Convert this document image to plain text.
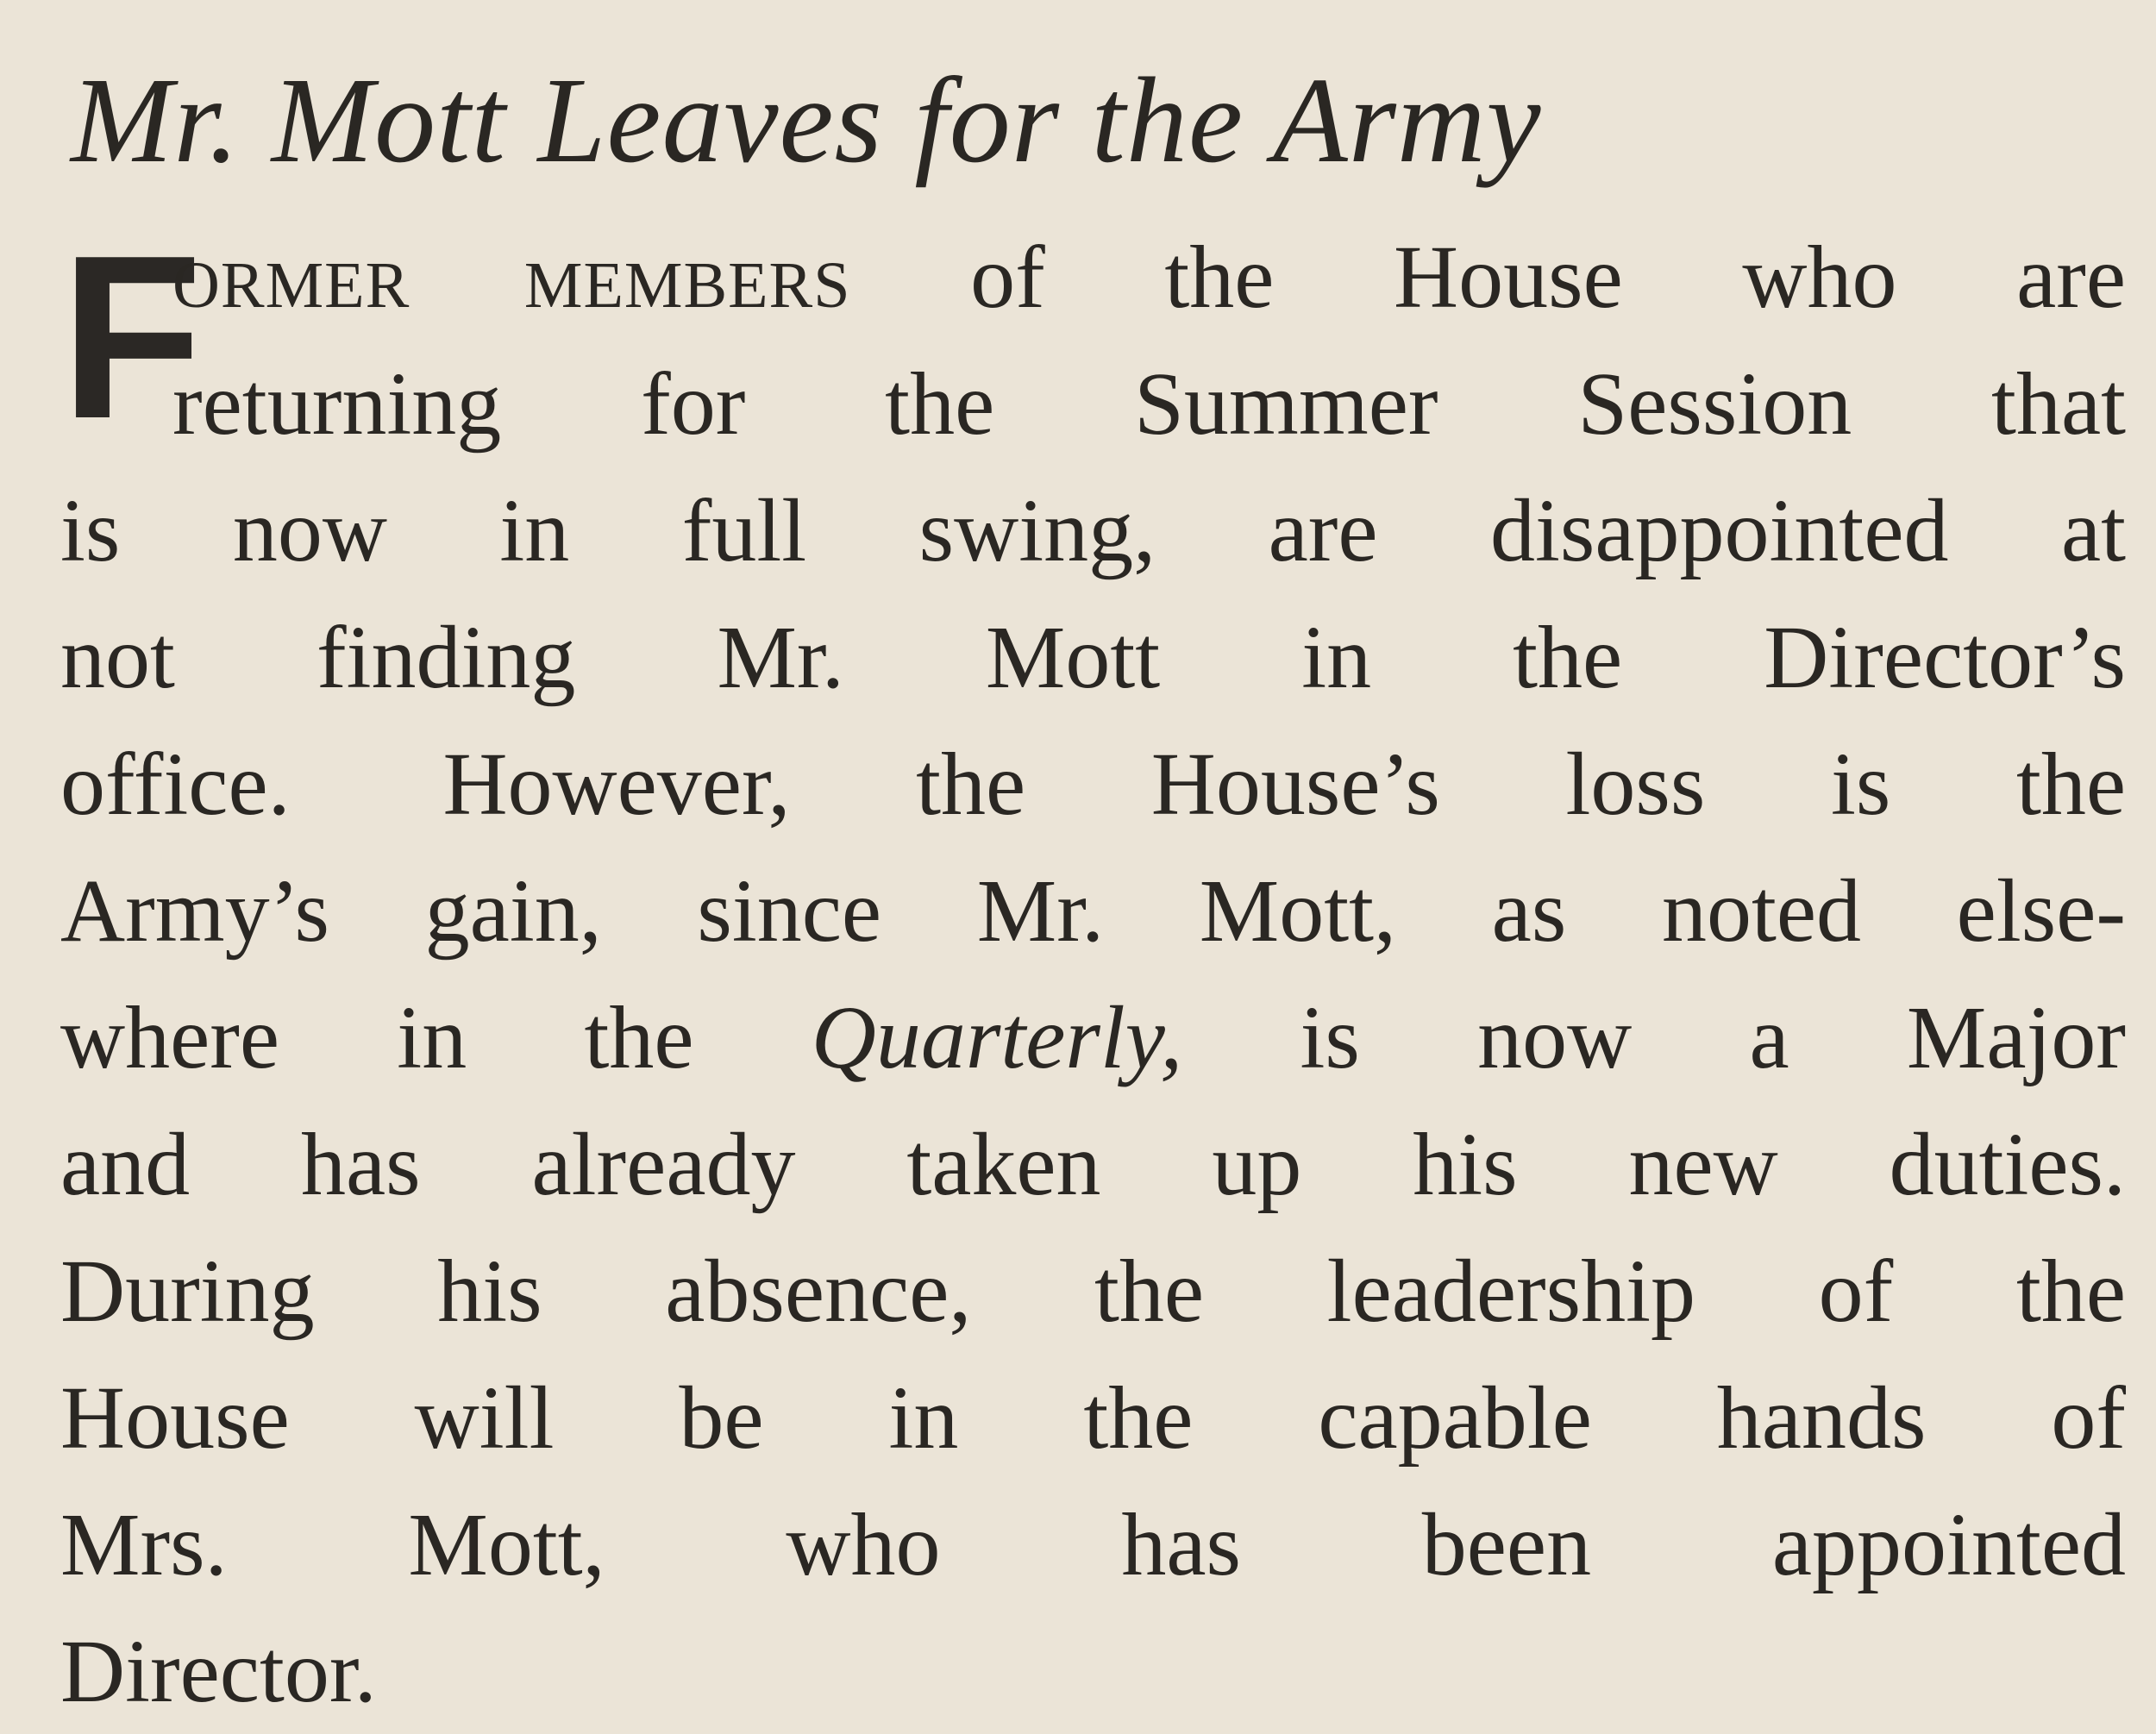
Mr. Mott Leaves for the Army
F
ORMER MEMBERS of the House who are
returning for the Summer Session that
is now in full swing, are disappointed at
not finding Mr. Mott in the Director’s
office. However, the House’s loss is the
Army’s gain, since Mr. Mott, as noted else-
where in the Quarterly, is now a Major
and has already taken up his new duties.
During his absence, the leadership of the
House will be in the capable hands of
Mrs. Mott, who has been appointed
Director.
